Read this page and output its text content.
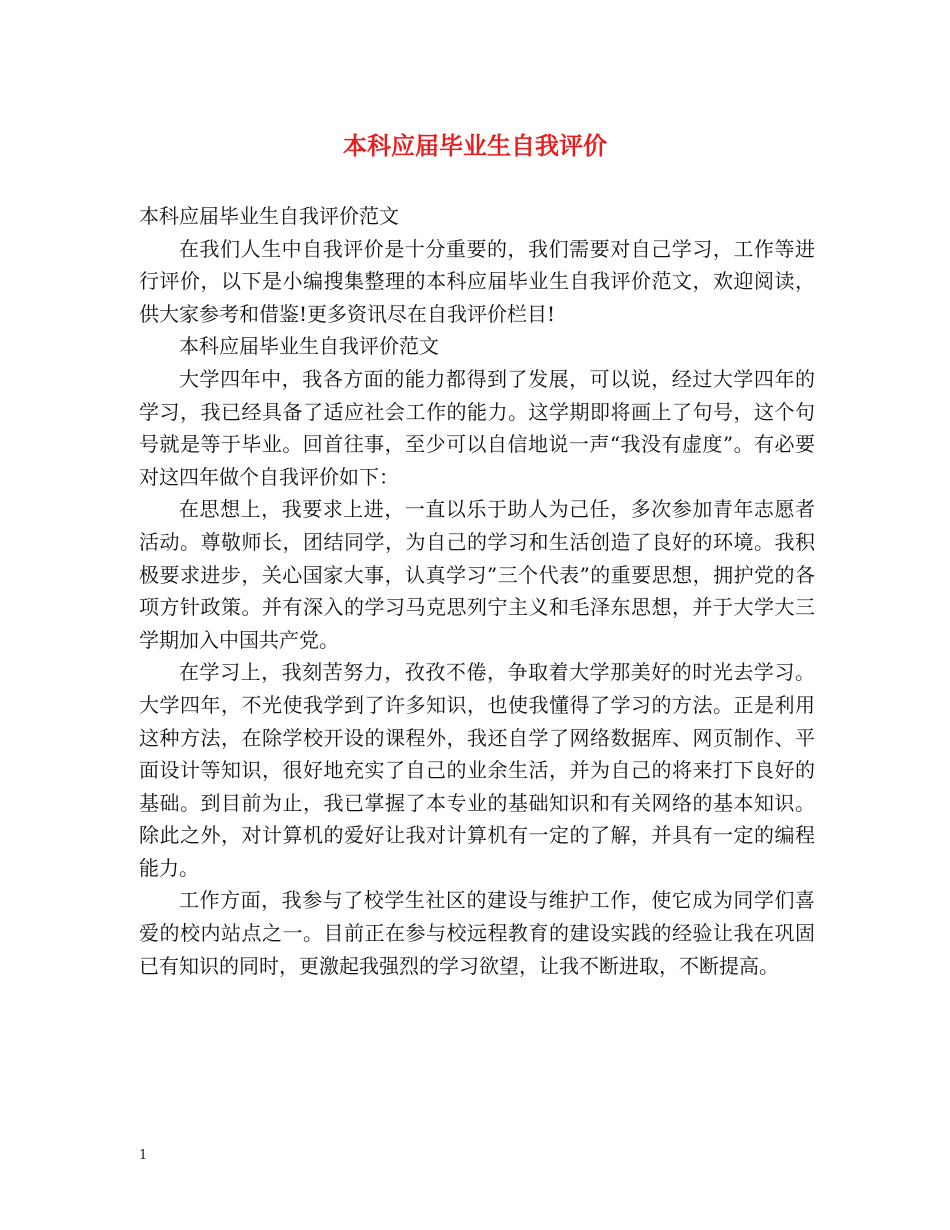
本科应届毕业生自我评价

本科应届毕业生自我评价范文

在我们人生中自我评价是十分重要的，我们需要对自己学习，工作等进行评价，以下是小编搜集整理的本科应届毕业生自我评价范文，欢迎阅读，供大家参考和借鉴!更多资讯尽在自我评价栏目!

本科应届毕业生自我评价范文

大学四年中，我各方面的能力都得到了发展，可以说，经过大学四年的学习，我已经具备了适应社会工作的能力。这学期即将画上了句号，这个句号就是等于毕业。回首往事，至少可以自信地说一声“我没有虚度”。有必要对这四年做个自我评价如下：

在思想上，我要求上进，一直以乐于助人为己任，多次参加青年志愿者活动。尊敬师长，团结同学，为自己的学习和生活创造了良好的环境。我积极要求进步，关心国家大事，认真学习”三个代表”的重要思想，拥护党的各项方针政策。并有深入的学习马克思列宁主义和毛泽东思想，并于大学大三学期加入中国共产党。

在学习上，我刻苦努力，孜孜不倦，争取着大学那美好的时光去学习。大学四年，不光使我学到了许多知识，也使我懂得了学习的方法。正是利用这种方法，在除学校开设的课程外，我还自学了网络数据库、网页制作、平面设计等知识，很好地充实了自己的业余生活，并为自己的将来打下良好的基础。到目前为止，我已掌握了本专业的基础知识和有关网络的基本知识。除此之外，对计算机的爱好让我对计算机有一定的了解，并具有一定的编程能力。

工作方面，我参与了校学生社区的建设与维护工作，使它成为同学们喜爱的校内站点之一。目前正在参与校远程教育的建设实践的经验让我在巩固已有知识的同时，更激起我强烈的学习欲望，让我不断进取，不断提高。

1
